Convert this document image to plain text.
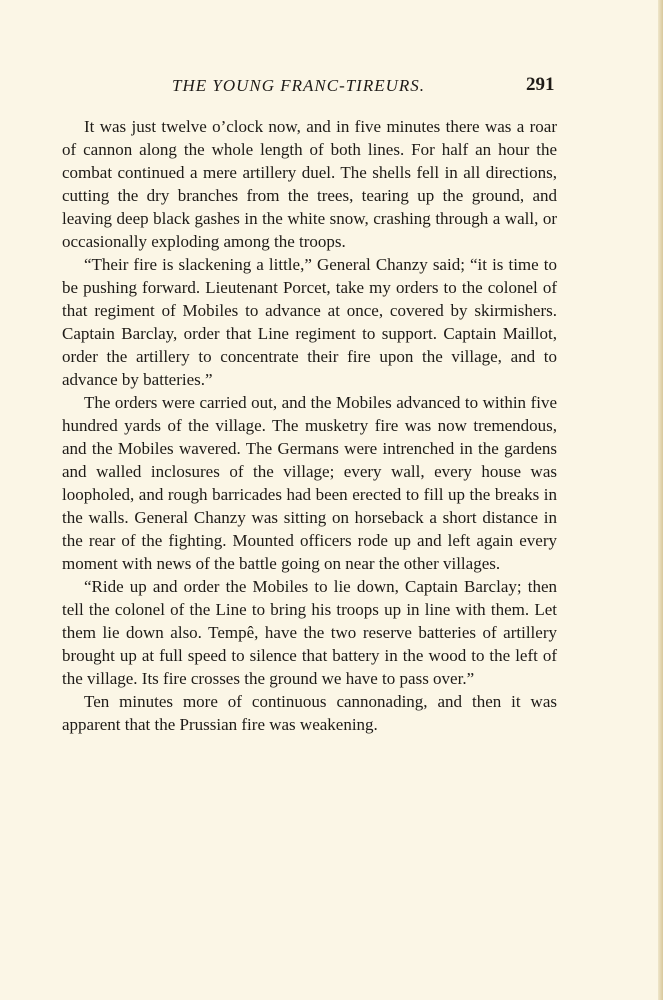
THE YOUNG FRANC-TIREURS.	291

It was just twelve o’clock now, and in five minutes there was a roar of cannon along the whole length of both lines. For half an hour the combat continued a mere artillery duel. The shells fell in all directions, cutting the dry branches from the trees, tearing up the ground, and leaving deep black gashes in the white snow, crashing through a wall, or occasionally exploding among the troops.

“Their fire is slackening a little,” General Chanzy said; “it is time to be pushing forward. Lieutenant Porcet, take my orders to the colonel of that regiment of Mobiles to advance at once, covered by skirmishers. Captain Barclay, order that Line regiment to support. Captain Maillot, order the artillery to concentrate their fire upon the village, and to advance by batteries.”

The orders were carried out, and the Mobiles advanced to within five hundred yards of the village. The musketry fire was now tremendous, and the Mobiles wavered. The Germans were intrenched in the gardens and walled inclosures of the village; every wall, every house was loopholed, and rough barricades had been erected to fill up the breaks in the walls. General Chanzy was sitting on horseback a short distance in the rear of the fighting. Mounted officers rode up and left again every moment with news of the battle going on near the other villages.

“Ride up and order the Mobiles to lie down, Captain Barclay; then tell the colonel of the Line to bring his troops up in line with them. Let them lie down also. Tempê, have the two reserve batteries of artillery brought up at full speed to silence that battery in the wood to the left of the village. Its fire crosses the ground we have to pass over.”

Ten minutes more of continuous cannonading, and then it was apparent that the Prussian fire was weakening.
